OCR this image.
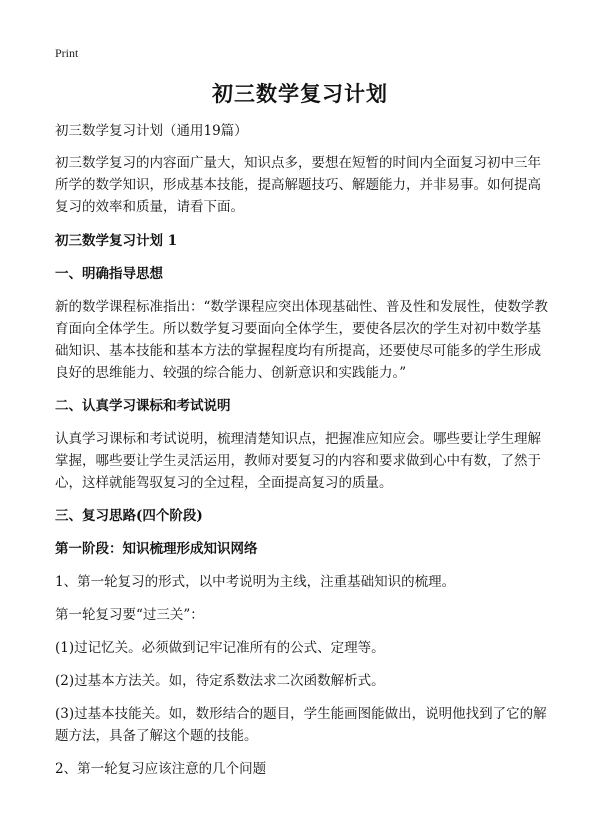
Print
初三数学复习计划

初三数学复习计划（通用19篇）

初三数学复习的内容面广量大，知识点多，要想在短暂的时间内全面复习初中三年所学的数学知识，形成基本技能，提高解题技巧、解题能力，并非易事。如何提高复习的效率和质量，请看下面。

初三数学复习计划 1

一、明确指导思想

新的数学课程标准指出：“数学课程应突出体现基础性、普及性和发展性，使数学教育面向全体学生。所以数学复习要面向全体学生，要使各层次的学生对初中数学基础知识、基本技能和基本方法的掌握程度均有所提高，还要使尽可能多的学生形成良好的思维能力、较强的综合能力、创新意识和实践能力。”

二、认真学习课标和考试说明

认真学习课标和考试说明，梳理清楚知识点，把握准应知应会。哪些要让学生理解掌握，哪些要让学生灵活运用，教师对要复习的内容和要求做到心中有数，了然于心，这样就能驾驭复习的全过程，全面提高复习的质量。

三、复习思路(四个阶段)

第一阶段：知识梳理形成知识网络

1、第一轮复习的形式，以中考说明为主线，注重基础知识的梳理。

第一轮复习要“过三关”：

(1)过记忆关。必须做到记牢记准所有的公式、定理等。

(2)过基本方法关。如，待定系数法求二次函数解析式。

(3)过基本技能关。如，数形结合的题目，学生能画图能做出，说明他找到了它的解题方法，具备了解这个题的技能。

2、第一轮复习应该注意的几个问题
